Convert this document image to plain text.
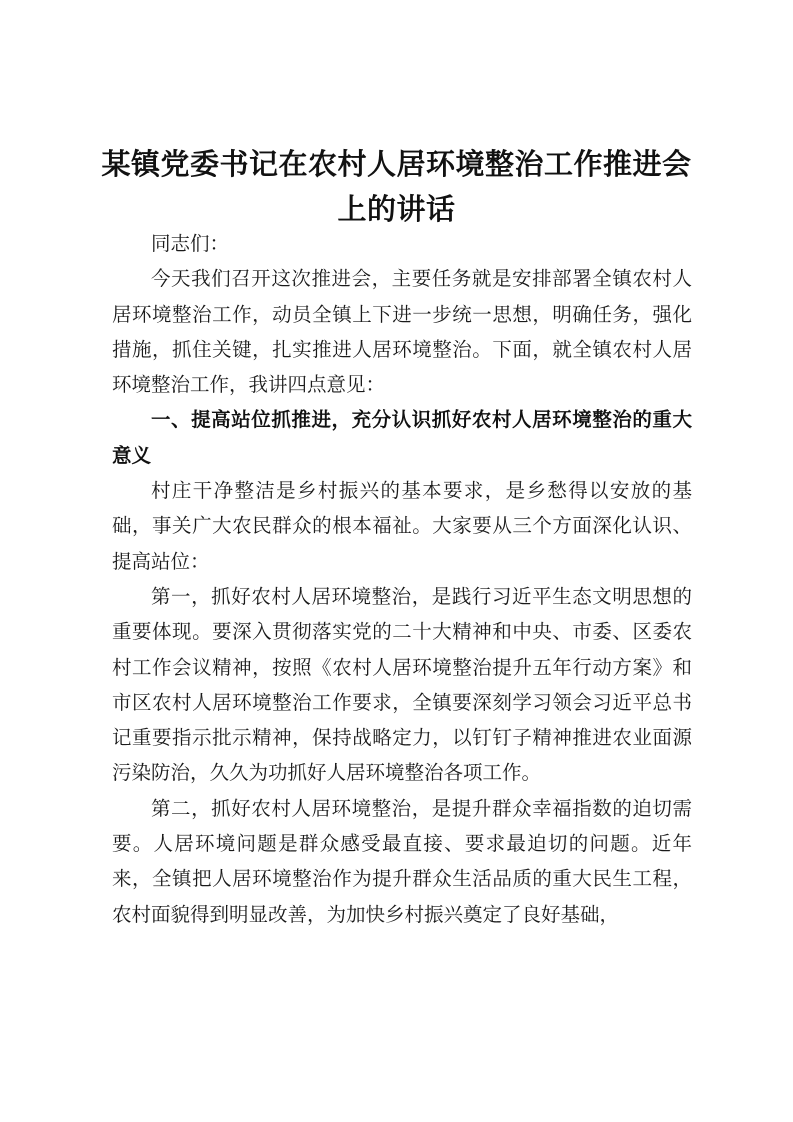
某镇党委书记在农村人居环境整治工作推进会上的讲话

同志们：

今天我们召开这次推进会，主要任务就是安排部署全镇农村人居环境整治工作，动员全镇上下进一步统一思想，明确任务，强化措施，抓住关键，扎实推进人居环境整治。下面，就全镇农村人居环境整治工作，我讲四点意见：

一、提高站位抓推进，充分认识抓好农村人居环境整治的重大意义

村庄干净整洁是乡村振兴的基本要求，是乡愁得以安放的基础，事关广大农民群众的根本福祉。大家要从三个方面深化认识、提高站位：

第一，抓好农村人居环境整治，是践行习近平生态文明思想的重要体现。要深入贯彻落实党的二十大精神和中央、市委、区委农村工作会议精神，按照《农村人居环境整治提升五年行动方案》和市区农村人居环境整治工作要求，全镇要深刻学习领会习近平总书记重要指示批示精神，保持战略定力，以钉钉子精神推进农业面源污染防治，久久为功抓好人居环境整治各项工作。

第二，抓好农村人居环境整治，是提升群众幸福指数的迫切需要。人居环境问题是群众感受最直接、要求最迫切的问题。近年来，全镇把人居环境整治作为提升群众生活品质的重大民生工程，农村面貌得到明显改善，为加快乡村振兴奠定了良好基础，
